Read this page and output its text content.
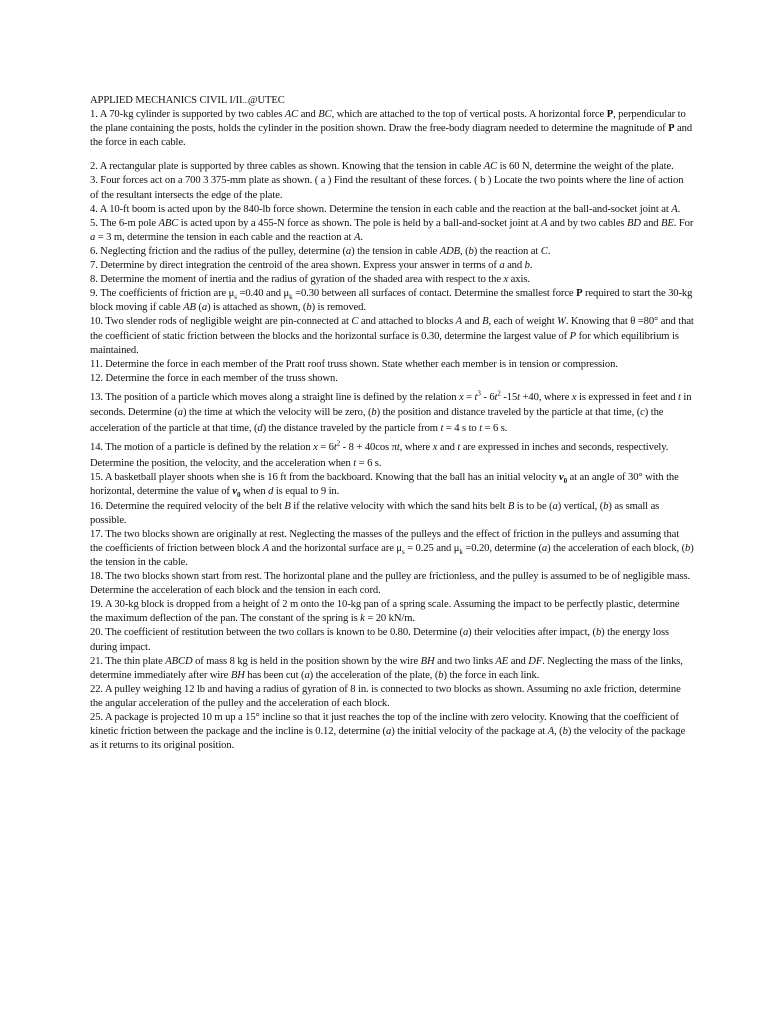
APPLIED MECHANICS CIVIL I/II...@UTEC

1. A 70-kg cylinder is supported by two cables AC and BC, which are attached to the top of vertical posts. A horizontal force P, perpendicular to the plane containing the posts, holds the cylinder in the position shown. Draw the free-body diagram needed to determine the magnitude of P and the force in each cable.

2. A rectangular plate is supported by three cables as shown. Knowing that the tension in cable AC is 60 N, determine the weight of the plate.

3. Four forces act on a 700 3 375-mm plate as shown. ( a ) Find the resultant of these forces. ( b ) Locate the two points where the line of action of the resultant intersects the edge of the plate.

4. A 10-ft boom is acted upon by the 840-lb force shown. Determine the tension in each cable and the reaction at the ball-and-socket joint at A.

5. The 6-m pole ABC is acted upon by a 455-N force as shown. The pole is held by a ball-and-socket joint at A and by two cables BD and BE. For a = 3 m, determine the tension in each cable and the reaction at A.

6. Neglecting friction and the radius of the pulley, determine (a) the tension in cable ADB, (b) the reaction at C.

7. Determine by direct integration the centroid of the area shown. Express your answer in terms of a and b.

8. Determine the moment of inertia and the radius of gyration of the shaded area with respect to the x axis.

9. The coefficients of friction are $\mu_s =0.40$ and $\mu_k =0.30$ between all surfaces of contact. Determine the smallest force P required to start the 30-kg block moving if cable AB (a) is attached as shown, (b) is removed.

10. Two slender rods of negligible weight are pin-connected at C and attached to blocks A and B, each of weight W. Knowing that θ =80° and that the coefficient of static friction between the blocks and the horizontal surface is 0.30, determine the largest value of P for which equilibrium is maintained.

11. Determine the force in each member of the Pratt roof truss shown. State whether each member is in tension or compression.

12. Determine the force in each member of the truss shown.

13. The position of a particle which moves along a straight line is defined by the relation $x = t^3 - 6t^2$ -15t +40, where x is expressed in feet and t in seconds. Determine (a) the time at which the velocity will be zero, (b) the position and distance traveled by the particle at that time, (c) the acceleration of the particle at that time, (d) the distance traveled by the particle from t = 4 s to t = 6 s.

14. The motion of a particle is defined by the relation $x = 6t^2 - 8 + 40\cos$ πt, where x and t are expressed in inches and seconds, respectively. Determine the position, the velocity, and the acceleration when t = 6 s.

15. A basketball player shoots when she is 16 ft from the backboard. Knowing that the ball has an initial velocity $v_0$ at an angle of 30° with the horizontal, determine the value of $v_0$ when d is equal to 9 in.

16. Determine the required velocity of the belt B if the relative velocity with which the sand hits belt B is to be (a) vertical, (b) as small as possible.

17. The two blocks shown are originally at rest. Neglecting the masses of the pulleys and the effect of friction in the pulleys and assuming that the coefficients of friction between block A and the horizontal surface are $\mu_s = 0.25$ and $\mu_k =0.20$, determine (a) the acceleration of each block, (b) the tension in the cable.

18. The two blocks shown start from rest. The horizontal plane and the pulley are frictionless, and the pulley is assumed to be of negligible mass. Determine the acceleration of each block and the tension in each cord.

19. A 30-kg block is dropped from a height of 2 m onto the 10-kg pan of a spring scale. Assuming the impact to be perfectly plastic, determine the maximum deflection of the pan. The constant of the spring is k = 20 kN/m.

20. The coefficient of restitution between the two collars is known to be 0.80. Determine (a) their velocities after impact, (b) the energy loss during impact.

21. The thin plate ABCD of mass 8 kg is held in the position shown by the wire BH and two links AE and DF. Neglecting the mass of the links, determine immediately after wire BH has been cut (a) the acceleration of the plate, (b) the force in each link.

22. A pulley weighing 12 lb and having a radius of gyration of 8 in. is connected to two blocks as shown. Assuming no axle friction, determine the angular acceleration of the pulley and the acceleration of each block.

25. A package is projected 10 m up a 15° incline so that it just reaches the top of the incline with zero velocity. Knowing that the coefficient of kinetic friction between the package and the incline is 0.12, determine (a) the initial velocity of the package at A, (b) the velocity of the package as it returns to its original position.
